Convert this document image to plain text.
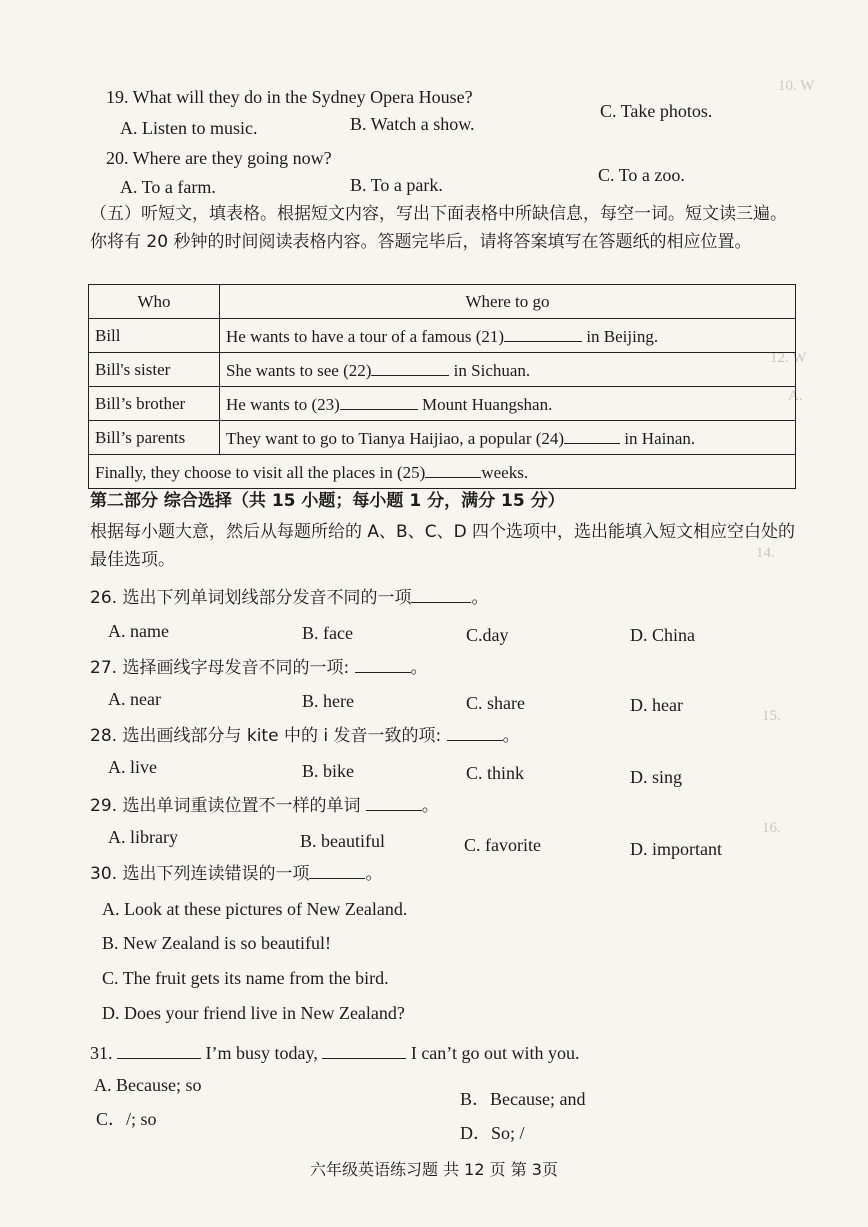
10. W
12. W
A.
14.
15.
16.
19. What will they do in the Sydney Opera House?
A. Listen to music.	B. Watch a show.
C. Take photos.
20. Where are they going now?
A. To a farm.	B. To a park.	C. To a zoo.
（五）听短文，填表格。根据短文内容，写出下面表格中所缺信息，每空一词。短文读三遍。你将有 20 秒钟的时间阅读表格内容。答题完毕后，请将答案填写在答题纸的相应位置。
Who	Where to go
Bill	He wants to have a tour of a famous (21) in Beijing.
Bill's sister	She wants to see (22) in Sichuan.
Bill’s brother	He wants to (23) Mount Huangshan.
Bill’s parents	They want to go to Tianya Haijiao, a popular (24) in Hainan.
Finally, they choose to visit all the places in (25) weeks.	
第二部分 综合选择（共 15 小题；每小题 1 分，满分 15 分）
根据每小题大意，然后从每题所给的 A、B、C、D 四个选项中，选出能填入短文相应空白处的最佳选项。
26. 选出下列单词划线部分发音不同的一项	。
A. name	B. face	C.day	D. China
27. 选择画线字母发音不同的一项:	。
A. near	B. here	C. share	D. hear
28. 选出画线部分与 kite 中的 i 发音一致的项:	。
A. live	B. bike	C. think	D. sing
29. 选出单词重读位置不一样的单词	。
A. library	B. beautiful	C. favorite	D. important
30. 选出下列连读错误的一项	。
A. Look at these pictures of New Zealand.
B. New Zealand is so beautiful!
C. The fruit gets its name from the bird.
D. Does your friend live in New Zealand?
31.	I’m busy today,	I can’t go out with you.
A. Because; so
B．Because; and
C．/; so
D．So; /
六年级英语练习题 共 12 页 第 3页
